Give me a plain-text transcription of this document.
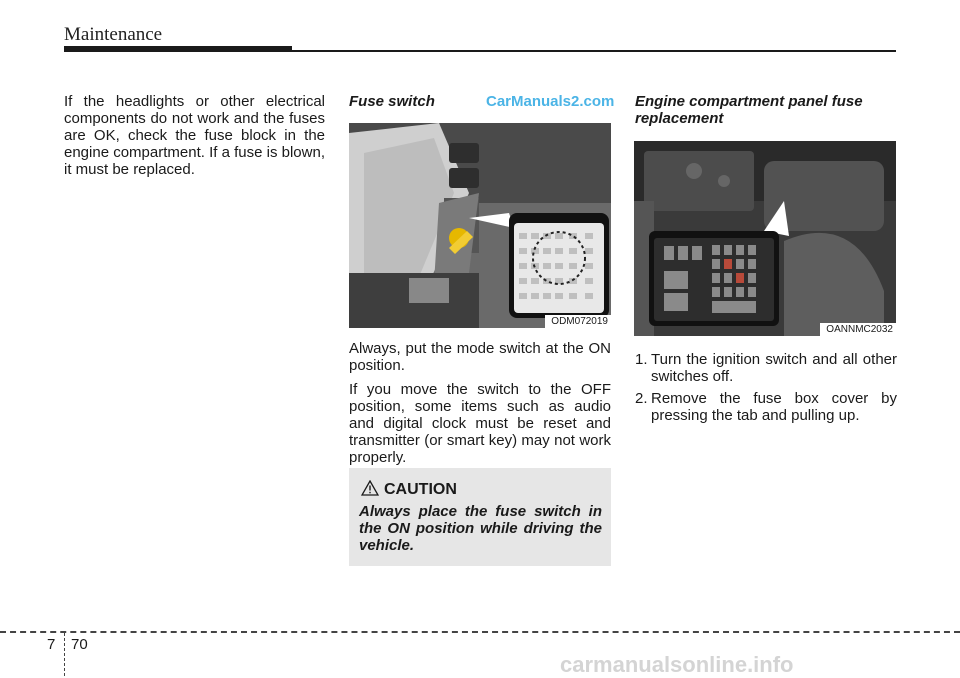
Maintenance

If the headlights or other electrical components do not work and the fuses are OK, check the fuse block in the engine compartment. If a fuse is blown, it must be replaced.

Fuse switch	CarManuals2.com
ODM072019

Always, put the mode switch at the ON position.

If you move the switch to the OFF position, some items such as audio and digital clock must be reset and transmitter (or smart key) may not work properly.

CAUTION
Always place the fuse switch in the ON position while driving the vehicle.
Engine compartment panel fuse replacement
OANNMC2032
1. Turn the ignition switch and all other switches off.
2. Remove the fuse box cover by pressing the tab and pulling up.
7 70
carmanualsonline.info
